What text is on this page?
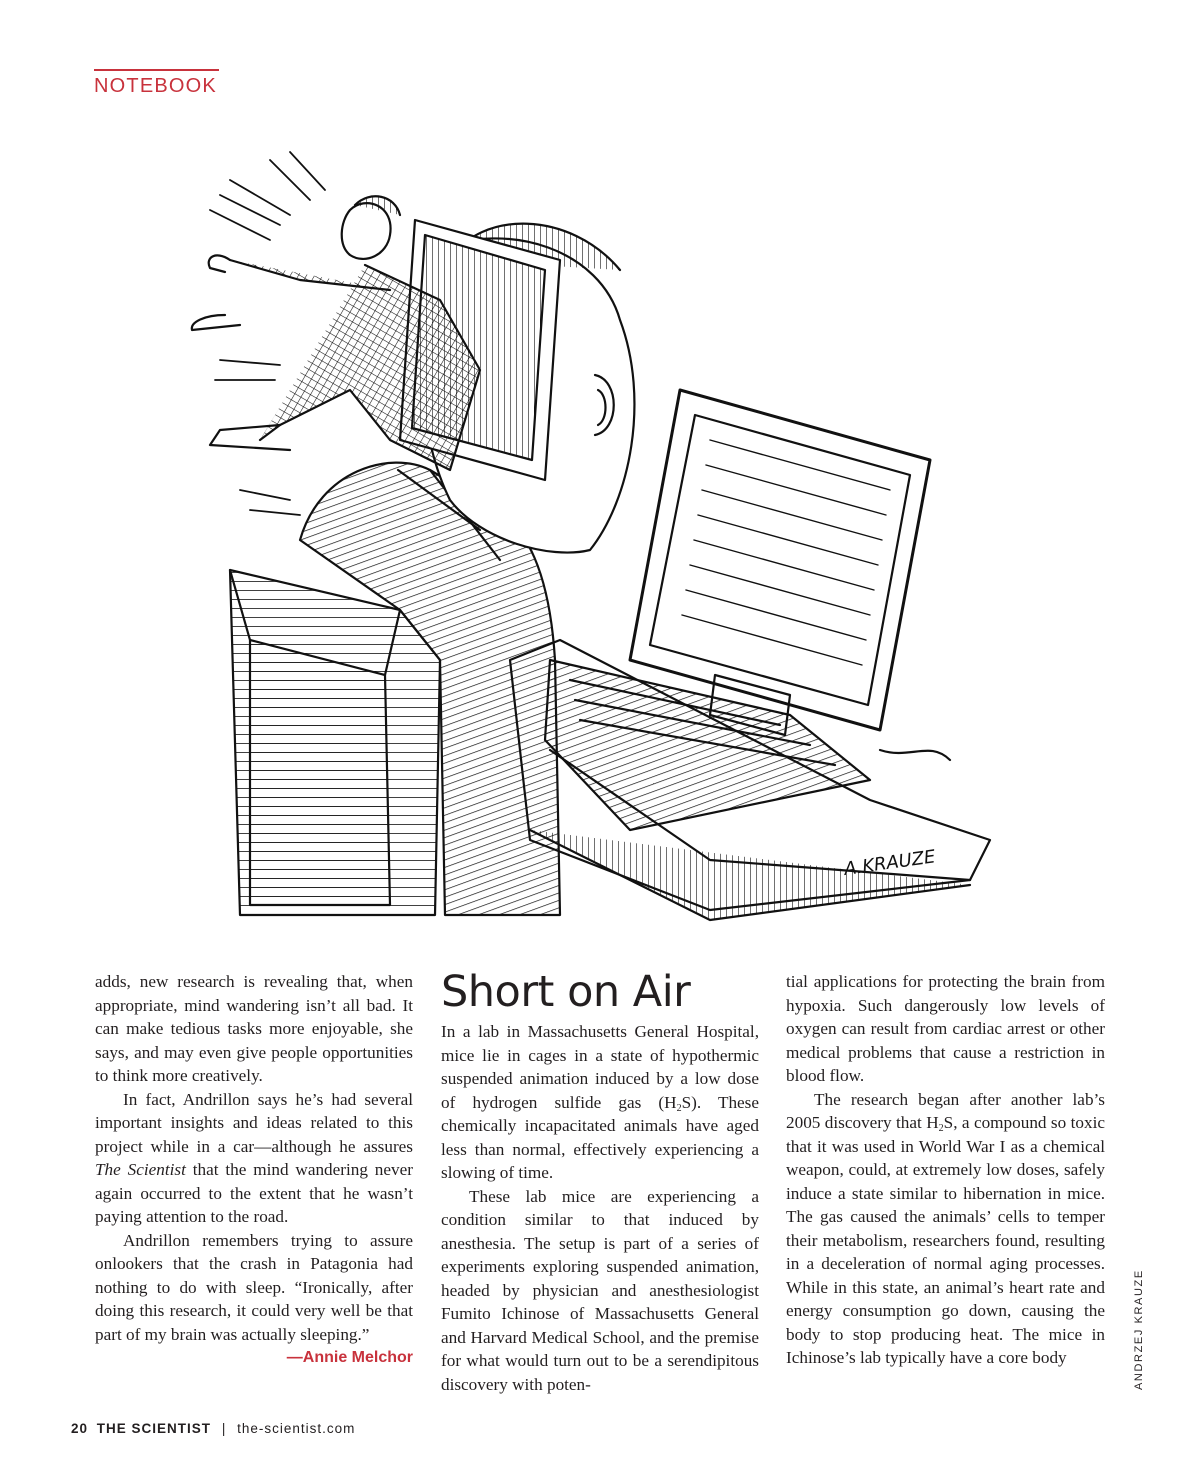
NOTEBOOK
A.KRAUZE

adds, new research is revealing that, when appropriate, mind wandering isn’t all bad. It can make tedious tasks more enjoyable, she says, and may even give people opportunities to think more creatively.

In fact, Andrillon says he’s had several important insights and ideas related to this project while in a car—although he assures The Scientist that the mind wandering never again occurred to the extent that he wasn’t paying attention to the road.

Andrillon remembers trying to assure onlookers that the crash in Patagonia had nothing to do with sleep. “Ironically, after doing this research, it could very well be that part of my brain was actually sleeping.”

—Annie Melchor

Short on Air

In a lab in Massachusetts General Hospital, mice lie in cages in a state of hypothermic suspended animation induced by a low dose of hydrogen sulfide gas $(H_2S)$. These chemically incapacitated animals have aged less than normal, effectively experiencing a slowing of time.

These lab mice are experiencing a condition similar to that induced by anesthesia. The setup is part of a series of experiments exploring suspended animation, headed by physician and anesthesiologist Fumito Ichinose of Massachusetts General and Harvard Medical School, and the premise for what would turn out to be a serendipitous discovery with poten-

tial applications for protecting the brain from hypoxia. Such dangerously low levels of oxygen can result from cardiac arrest or other medical problems that cause a restriction in blood flow.

The research began after another lab’s 2005 discovery that $H_2S$, a compound so toxic that it was used in World War I as a chemical weapon, could, at extremely low doses, safely induce a state similar to hibernation in mice. The gas caused the animals’ cells to temper their metabolism, researchers found, resulting in a deceleration of normal aging processes. While in this state, an animal’s heart rate and energy consumption go down, causing the body to stop producing heat. The mice in Ichinose’s lab typically have a core body	ANDRZEJ KRAUZE
20 THE SCIENTIST | the-scientist.com
